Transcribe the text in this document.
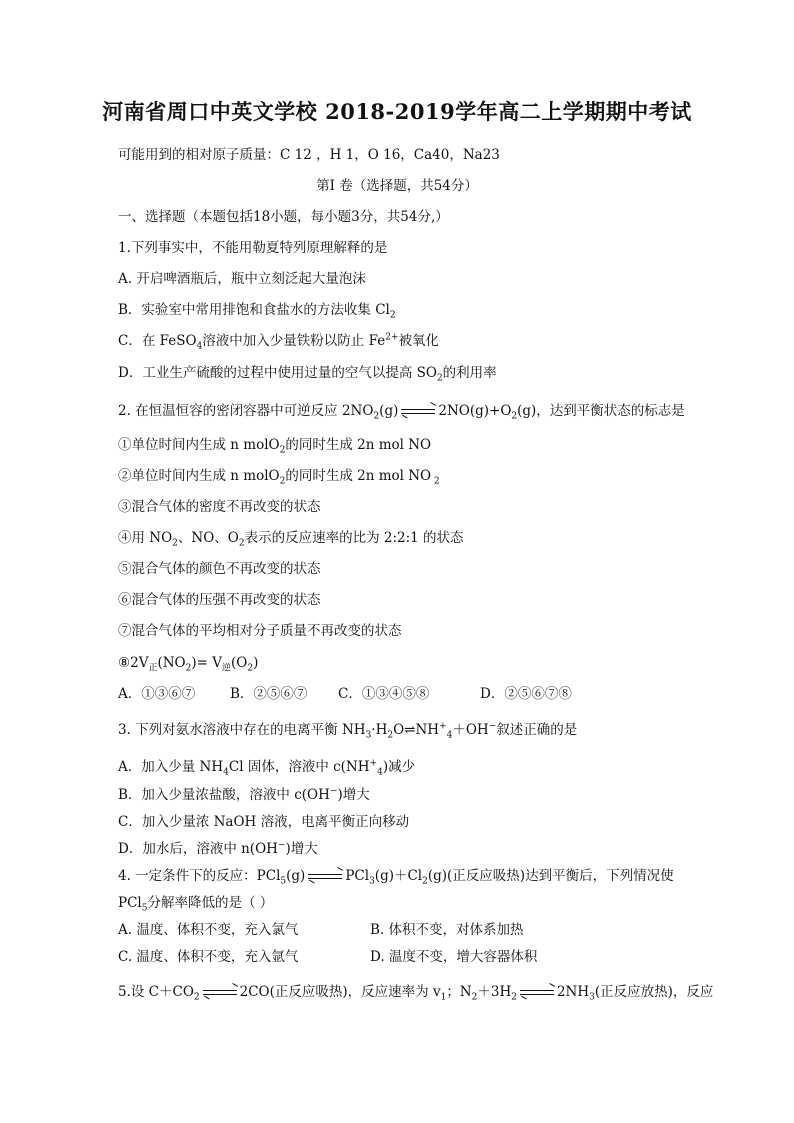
河南省周口中英文学校 2018-2019学年高二上学期期中考试
可能用到的相对原子质量：C 12 ，H 1，O 16，Ca40，Na23
第Ⅰ 卷（选择题，共54分）
一、选择题（本题包括18小题，每小题3分，共54分,）
1.下列事实中，不能用勒夏特列原理解释的是
A. 开启啤酒瓶后，瓶中立刻泛起大量泡沫
B．实验室中常用排饱和食盐水的方法收集 $Cl_2$
C．在 FeSO$_4$溶液中加入少量铁粉以防止 $Fe^{2+}$被氧化
D．工业生产硫酸的过程中使用过量的空气以提高 $SO_2$的利用率
2. 在恒温恒容的密闭容器中可逆反应 $2NO_2(g)$	$2NO(g)+O_2(g)$，达到平衡状态的标志是
①单位时间内生成 n molO$_2$的同时生成 2n mol NO
②单位时间内生成 n molO$_2$的同时生成 2n mol NO $_2$
③混合气体的密度不再改变的状态
④用 $NO_2$、NO、$O_2$表示的反应速率的比为 2:2:1 的状态
⑤混合气体的颜色不再改变的状态
⑥混合气体的压强不再改变的状态
⑦混合气体的平均相对分子质量不再改变的状态
$⑧2V_正(NO_2)= V_逆(O_2)$
A．①③⑥⑦	B．②⑤⑥⑦ C．①③④⑤⑧	D．②⑤⑥⑦⑧
3. 下列对氨水溶液中存在的电离平衡 $NH_3\cdot H_2O\rightleftharpoons NH^+_4+OH^-$叙述正确的是
A．加入少量 $NH_4Cl$ 固体，溶液中 $c(NH^+_4)$减少
B．加入少量浓盐酸，溶液中 c(OH−)增大
C．加入少量浓 NaOH 溶液，电离平衡正向移动
D．加水后，溶液中 n(OH−)增大
4. 一定条件下的反应：PCl$_5$(g)	$PCl_3(g)+Cl_2(g)$(正反应吸热)达到平衡后，下列情况使
PCl$_5$分解率降低的是（ ）
A. 温度、体积不变，充入氯气	B. 体积不变，对体系加热
C. 温度、体积不变，充入氩气	D. 温度不变，增大容器体积
5.设 $C+CO_2$	2CO(正反应吸热)，反应速率为 $v_1$；$N_2+3H_2$	$2NH_3$(正反应放热)，反应
